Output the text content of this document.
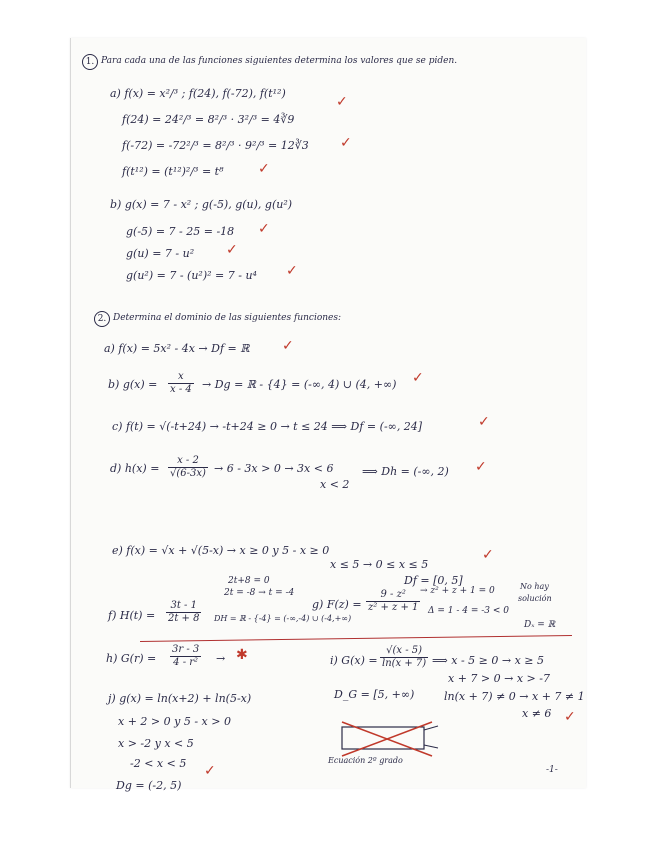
1. Para cada una de las funciones siguientes determina los valores que se piden.
a) f(x) = x²/³ ; f(24), f(-72), f(t¹²)
✓
f(24) = 24²/³ = 8²/³ · 3²/³ = 4∛9
f(-72) = -72²/³ = 8²/³ · 9²/³ = 12∛3 ✓
f(t¹²) = (t¹²)²/³ = t⁸ ✓
b) g(x) = 7 - x² ; g(-5), g(u), g(u²)
g(-5) = 7 - 25 = -18 ✓
g(u) = 7 - u² ✓
g(u²) = 7 - (u²)² = 7 - u⁴ ✓
2. Determina el dominio de las siguientes funciones:
a) f(x) = 5x² - 4x → Df = ℝ ✓
b) $g(x) = \frac{x}{x - 4} \to Dg$ = ℝ - {4} = (-∞, 4) ∪ (4, +∞) ✓
c) f(t) = √(-t+24) → -t+24 ≥ 0 → t ≤ 24 ⟹ Df = (-∞, 24]	✓
d) $h(x) = \frac{x - 2}{√(6-3x)} \to 6 - 3x > 0 \to 3x < 6$
x < 2
⟹ Dh = (-∞, 2) ✓
e) f(x) = √x + √(5-x) → x ≥ 0 y 5 - x ≥ 0
x ≤ 5 → 0 ≤ x ≤ 5
Df = [0, 5]
✓
2t+8 = 0
2t = -8 → t = -4
f) $H(t) = \frac{3t - 1}{2t + 8}$ DH = ℝ - {-4} = (-∞,-4) ∪ (-4,+∞)
g) $F(z) = \frac{\text{9 - z²}}{\text{z² + z + 1}} \to z^2 + z + 1 = 0$
Δ = 1 - 4 = -3 < 0
No hay
solución
Dₓ = ℝ
h) $G(r) = \frac{3r - 3}{\text{4 - r²}}$ → ✱	i) $G(x) = \frac{√(x - 5)}{\ln(x + 7)}$ ⟹ x - 5 ≥ 0 → x ≥ 5
x + 7 > 0 → x > -7
ln(x + 7) ≠ 0 → x + 7 ≠ 1
x ≠ 6 ✓
D_G = [5, +∞)
j) g(x) = ln(x+2) + ln(5-x)
x + 2 > 0 y 5 - x > 0
x > -2 y x < 5
-2 < x < 5 ✓
Dg = (-2, 5)
Ecuación 2º grado
-1-
